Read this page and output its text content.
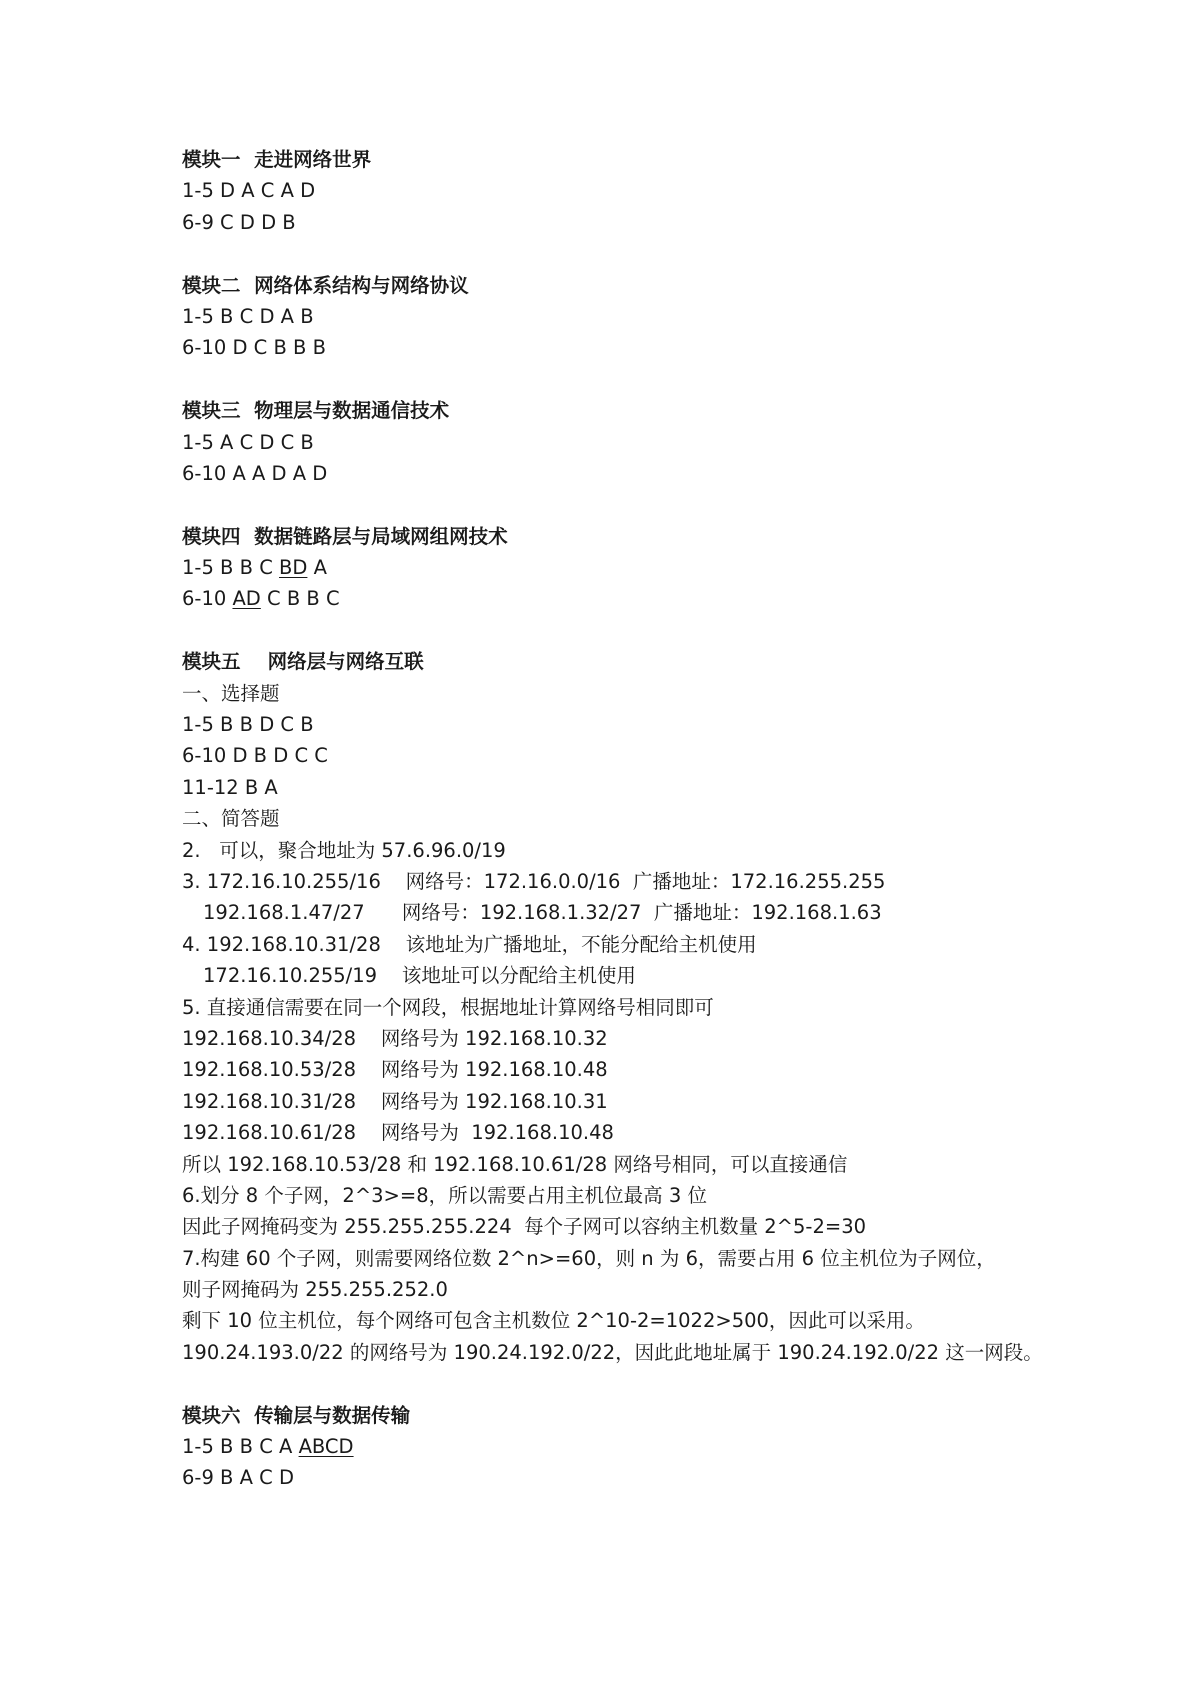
模块一  走进网络世界
1-5 D A C A D
6-9 C D D B
模块二  网络体系结构与网络协议
1-5 B C D A B
6-10 D C B B B
模块三  物理层与数据通信技术
1-5 A C D C B
6-10 A A D A D
模块四  数据链路层与局域网组网技术
1-5 B B C BD A
6-10 AD C B B C
模块五    网络层与网络互联
一、选择题
1-5 B B D C B
6-10 D B D C C
11-12 B A
二、简答题
2.   可以，聚合地址为 57.6.96.0/19
3. 172.16.10.255/16    网络号：172.16.0.0/16  广播地址：172.16.255.255
192.168.1.47/27      网络号：192.168.1.32/27  广播地址：192.168.1.63
4. 192.168.10.31/28    该地址为广播地址，不能分配给主机使用
172.16.10.255/19    该地址可以分配给主机使用
5. 直接通信需要在同一个网段，根据地址计算网络号相同即可
192.168.10.34/28    网络号为 192.168.10.32
192.168.10.53/28    网络号为 192.168.10.48
192.168.10.31/28    网络号为 192.168.10.31
192.168.10.61/28    网络号为  192.168.10.48
所以 192.168.10.53/28 和 192.168.10.61/28 网络号相同，可以直接通信
6.划分 8 个子网，2^3>=8，所以需要占用主机位最高 3 位
因此子网掩码变为 255.255.255.224  每个子网可以容纳主机数量 2^5-2=30
7.构建 60 个子网，则需要网络位数 2^n>=60，则 n 为 6，需要占用 6 位主机位为子网位，
则子网掩码为 255.255.252.0
剩下 10 位主机位，每个网络可包含主机数位 2^10-2=1022>500，因此可以采用。
190.24.193.0/22 的网络号为 190.24.192.0/22，因此此地址属于 190.24.192.0/22 这一网段。
模块六  传输层与数据传输
1-5 B B C A ABCD
6-9 B A C D
